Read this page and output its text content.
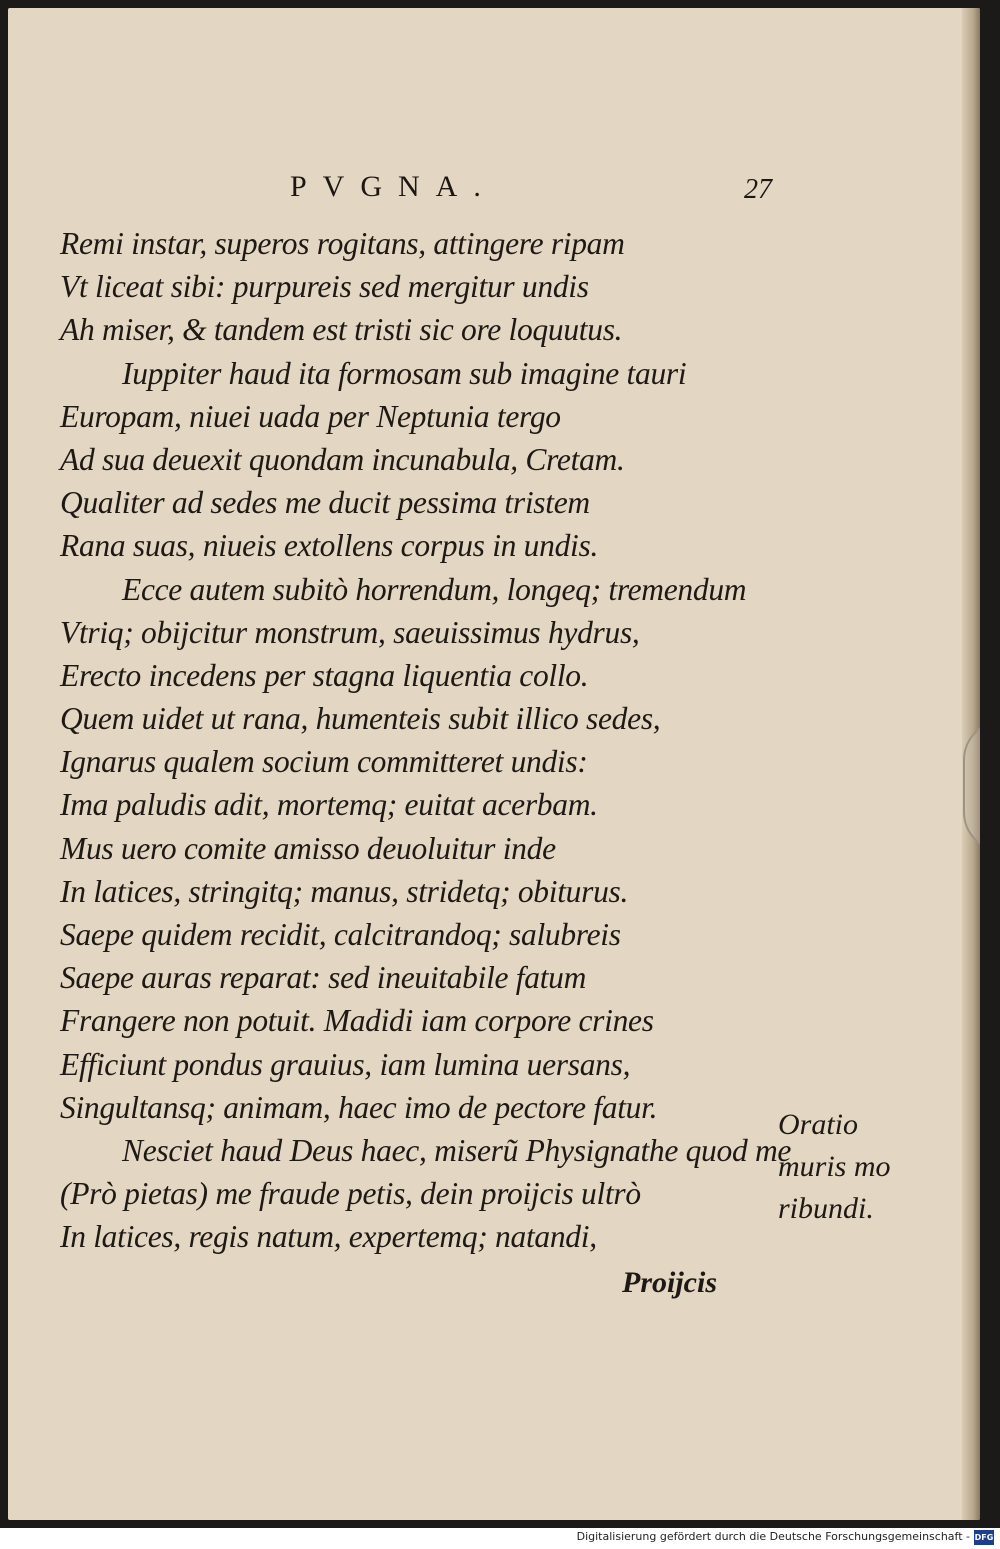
PVGNA.	27
Remi instar, superos rogitans, attingere ripam
Vt liceat sibi: purpureis sed mergitur undis
Ah miser, & tandem est tristi sic ore loquutus.
Iuppiter haud ita formosam sub imagine tauri
Europam, niuei uada per Neptunia tergo
Ad sua deuexit quondam incunabula, Cretam.
Qualiter ad sedes me ducit pessima tristem
Rana suas, niueis extollens corpus in undis.
Ecce autem subitò horrendum, longeq; tremendum
Vtriq; obijcitur monstrum, saeuissimus hydrus,
Erecto incedens per stagna liquentia collo.
Quem uidet ut rana, humenteis subit illico sedes,
Ignarus qualem socium committeret undis:
Ima paludis adit, mortemq; euitat acerbam.
Mus uero comite amisso deuoluitur inde
In latices, stringitq; manus, stridetq; obiturus.
Saepe quidem recidit, calcitrandoq; salubreis
Saepe auras reparat: sed ineuitabile fatum
Frangere non potuit. Madidi iam corpore crines
Efficiunt pondus grauius, iam lumina uersans,
Singultansq; animam, haec imo de pectore fatur.
Nesciet haud Deus haec, miserũ Physignathe quod me
(Prò pietas) me fraude petis, dein proijcis ultrò
In latices, regis natum, expertemq; natandi,
Oratio
muris mo
ribundi.
Proijcis
Digitalisierung gefördert durch die Deutsche Forschungsgemeinschaft - DFG
